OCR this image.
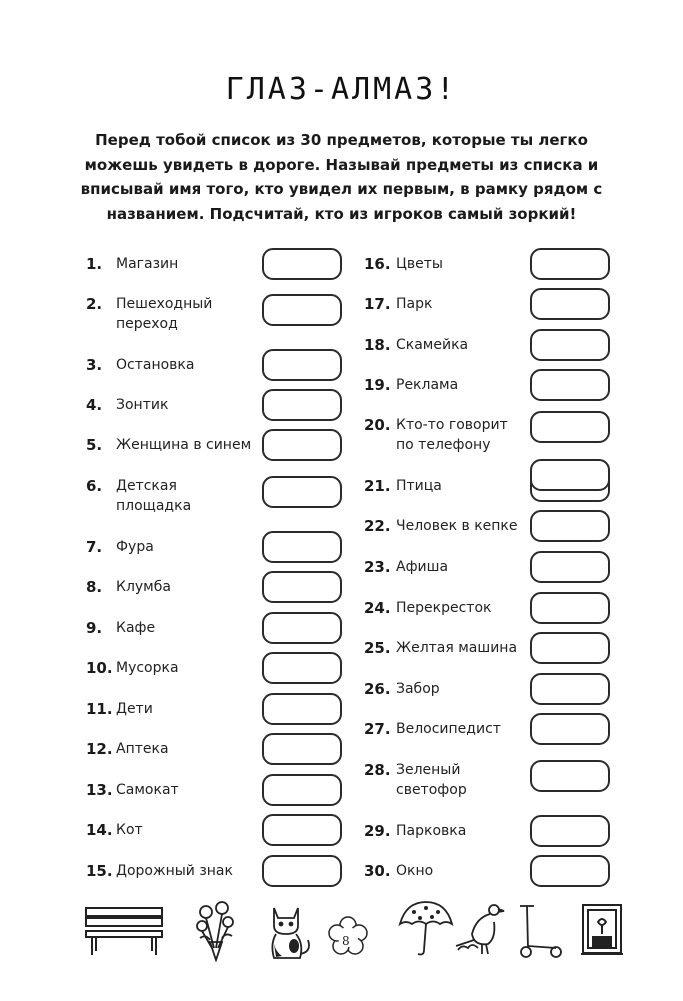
ГЛАЗ-АЛМАЗ!
Перед тобой список из 30 предметов, которые ты легко можешь увидеть в дороге. Называй предметы из списка и вписывай имя того, кто увидел их первым, в рамку рядом с названием. Подсчитай, кто из игроков самый зоркий!
1. Магазин
2. Пешеходный
переход
3. Остановка
4. Зонтик
5. Женщина в синем
6. Детская
площадка
7. Фура
8. Клумба
9. Кафе
10. Мусорка
11. Дети
12. Аптека
13. Самокат
14. Кот
15. Дорожный знак
16. Цветы
17. Парк
18. Скамейка
19. Реклама
20. Кто-то говорит
по телефону
21. Птица
22. Человек в кепке
23. Афиша
24. Перекресток
25. Желтая машина
26. Забор
27. Велосипедист
28. Зеленый
светофор
29. Парковка
30. Окно
8
